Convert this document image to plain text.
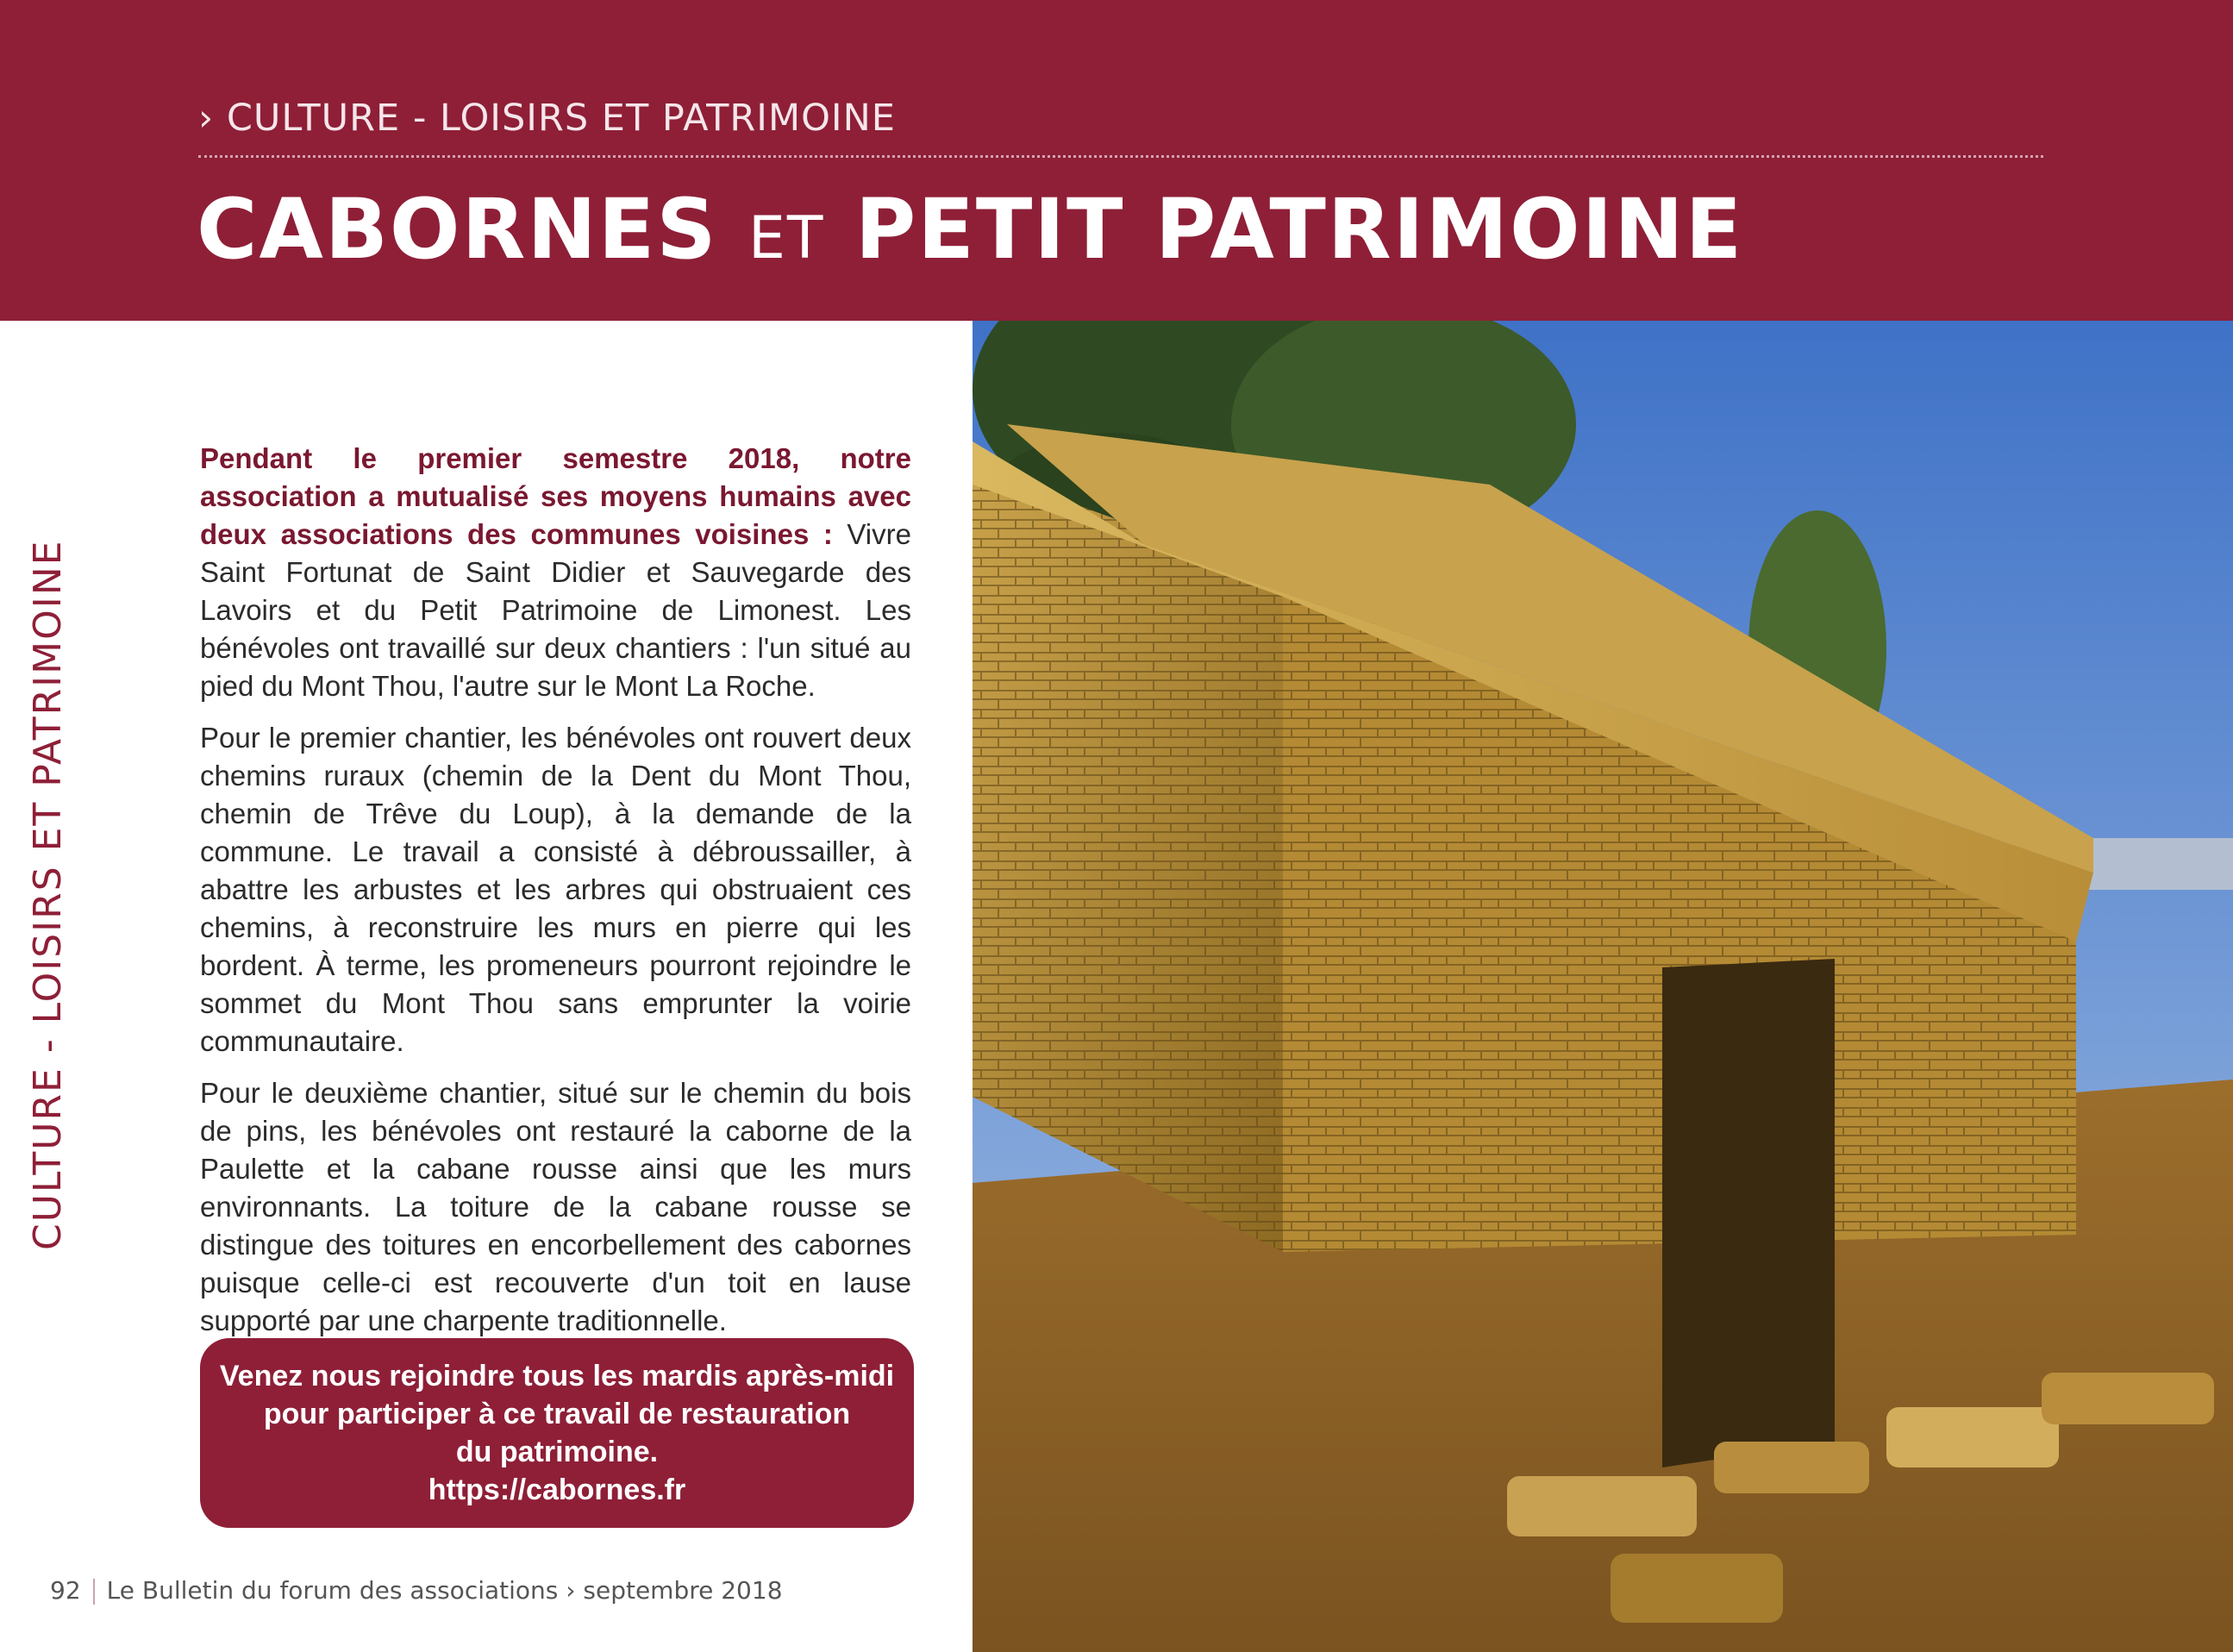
› CULTURE - LOISIRS ET PATRIMOINE
CABORNES ET PETIT PATRIMOINE
CULTURE - LOISIRS ET PATRIMOINE

Pendant le premier semestre 2018, notre association a mutualisé ses moyens humains avec deux associations des communes voisines : Vivre Saint Fortunat de Saint Didier et Sauvegarde des Lavoirs et du Petit Patrimoine de Limonest. Les bénévoles ont travaillé sur deux chantiers : l'un situé au pied du Mont Thou, l'autre sur le Mont La Roche.

Pour le premier chantier, les bénévoles ont rouvert deux chemins ruraux (chemin de la Dent du Mont Thou, chemin de Trêve du Loup), à la demande de la commune. Le travail a consisté à débroussailler, à abattre les arbustes et les arbres qui obstruaient ces chemins, à reconstruire les murs en pierre qui les bordent. À terme, les promeneurs pourront rejoindre le sommet du Mont Thou sans emprunter la voirie communautaire.

Pour le deuxième chantier, situé sur le chemin du bois de pins, les bénévoles ont restauré la caborne de la Paulette et la cabane rousse ainsi que les murs environnants. La toiture de la cabane rousse se distingue des toitures en encorbellement des cabornes puisque celle-ci est recouverte d'un toit en lause supporté par une charpente traditionnelle.

Venez nous rejoindre tous les mardis après-midi
pour participer à ce travail de restauration
du patrimoine.
https://cabornes.fr
92 Le Bulletin du forum des associations › septembre 2018
